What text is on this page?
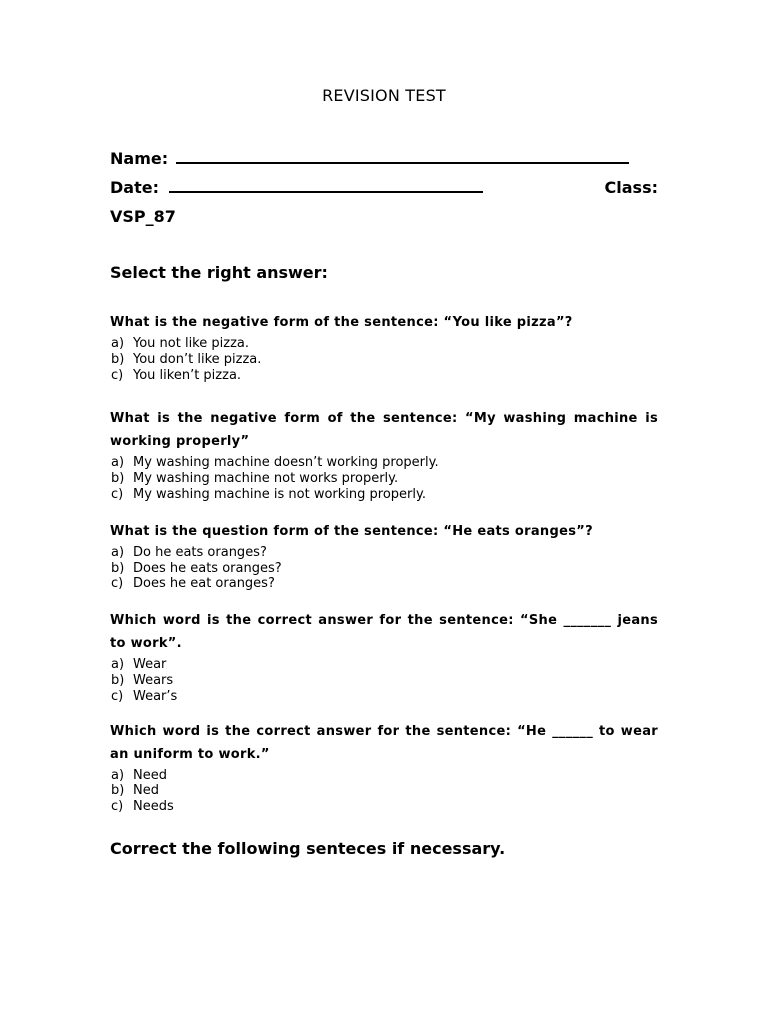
REVISION TEST
Name:
Date:	Class:
VSP_87
Select the right answer:

What is the negative form of the sentence: “You like pizza”?

a) You not like pizza.
b) You don’t like pizza.
c) You liken’t pizza.

What is the negative form of the sentence: “My washing machine is working properly”

a) My washing machine doesn’t working properly.
b) My washing machine not works properly.
c) My washing machine is not working properly.

What is the question form of the sentence: “He eats oranges”?

a) Do he eats oranges?
b) Does he eats oranges?
c) Does he eat oranges?

Which word is the correct answer for the sentence: “She _______ jeans to work”.

a) Wear
b) Wears
c) Wear’s

Which word is the correct answer for the sentence: “He ______ to wear an uniform to work.”

a) Need
b) Ned
c) Needs
Correct the following senteces if necessary.
